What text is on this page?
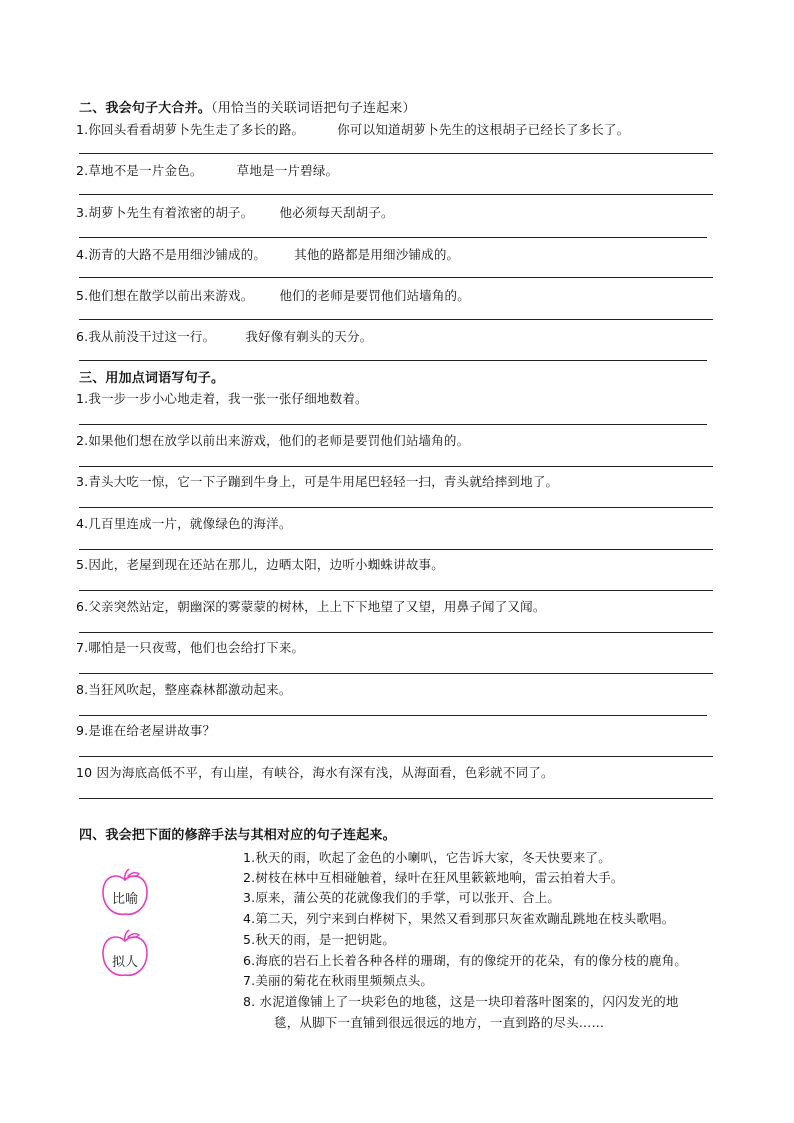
二、我会句子大合并。（用恰当的关联词语把句子连起来）
1.你回头看看胡萝卜先生走了多长的路。	你可以知道胡萝卜先生的这根胡子已经长了多长了。
2.草地不是一片金色。	草地是一片碧绿。
3.胡萝卜先生有着浓密的胡子。 他必须每天刮胡子。
4.沥青的大路不是用细沙铺成的。 其他的路都是用细沙铺成的。
5.他们想在散学以前出来游戏。 他们的老师是要罚他们站墙角的。
6.我从前没干过这一行。 我好像有剃头的天分。
三、用加点词语写句子。
1.我一步一步小心地走着，我一张一张仔细地数着。
2.如果他们想在放学以前出来游戏，他们的老师是要罚他们站墙角的。
3.青头大吃一惊，它一下子蹦到牛身上，可是牛用尾巴轻轻一扫，青头就给摔到地了。
4.几百里连成一片，就像绿色的海洋。
5.因此，老屋到现在还站在那儿，边晒太阳，边听小蜘蛛讲故事。
6.父亲突然站定，朝幽深的雾蒙蒙的树林，上上下下地望了又望，用鼻子闻了又闻。
7.哪怕是一只夜莺，他们也会给打下来。
8.当狂风吹起，整座森林都激动起来。
9.是谁在给老屋讲故事？
10 因为海底高低不平，有山崖，有峡谷，海水有深有浅，从海面看，色彩就不同了。
四、我会把下面的修辞手法与其相对应的句子连起来。
比喻
拟人
1.秋天的雨，吹起了金色的小喇叭，它告诉大家，冬天快要来了。
2.树枝在林中互相碰触着，绿叶在狂风里簌簌地响，雷云拍着大手。
3.原来，蒲公英的花就像我们的手掌，可以张开、合上。
4.第二天，列宁来到白桦树下，果然又看到那只灰雀欢蹦乱跳地在枝头歌唱。
5.秋天的雨，是一把钥匙。
6.海底的岩石上长着各种各样的珊瑚，有的像绽开的花朵，有的像分枝的鹿角。
7.美丽的菊花在秋雨里频频点头。
8. 水泥道像铺上了一块彩色的地毯，这是一块印着落叶图案的，闪闪发光的地
毯，从脚下一直铺到很远很远的地方，一直到路的尽头……
